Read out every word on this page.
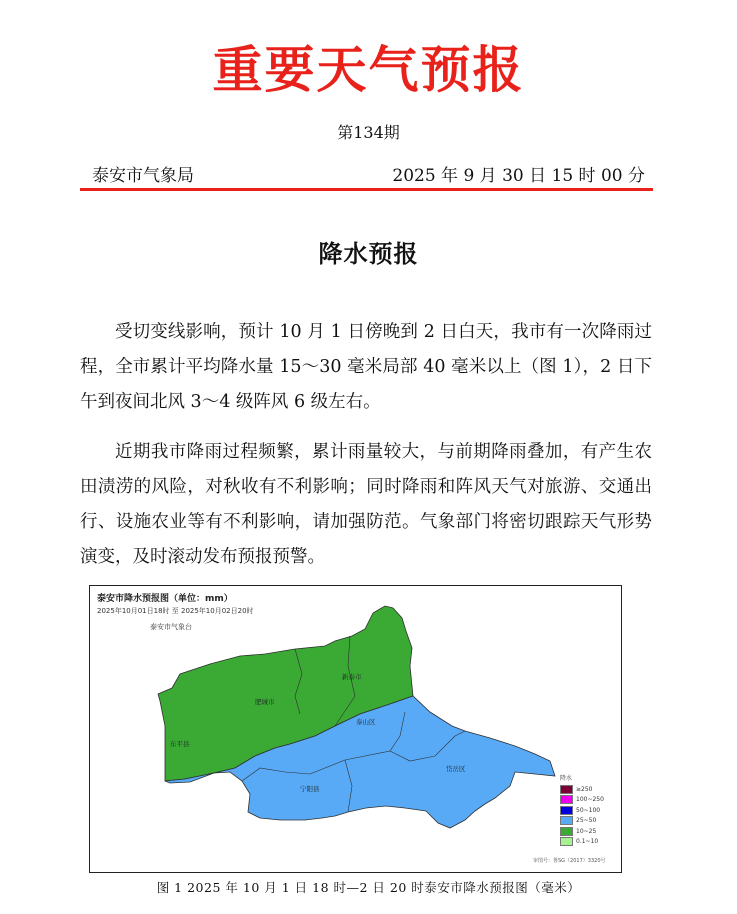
重要天气预报
第134期
泰安市气象局	2025 年 9 月 30 日 15 时 00 分
降水预报

受切变线影响，预计 10 月 1 日傍晚到 2 日白天，我市有一次降雨过程，全市累计平均降水量 15～30 毫米局部 40 毫米以上（图 1），2 日下午到夜间北风 3～4 级阵风 6 级左右。

近期我市降雨过程频繁，累计雨量较大，与前期降雨叠加，有产生农田渍涝的风险，对秋收有不利影响；同时降雨和阵风天气对旅游、交通出行、设施农业等有不利影响，请加强防范。气象部门将密切跟踪天气形势演变，及时滚动发布预报预警。

新泰市
泰山区
岱岳区
肥城市
东平县
宁阳县
泰安市降水预报图（单位：mm）
2025年10月01日18时 至 2025年10月02日20时
泰安市气象台
降水
≥250
100~250
50~100
25~50
10~25
0.1~10
审图号：鲁SG（2017）3320号
图 1 2025 年 10 月 1 日 18 时—2 日 20 时泰安市降水预报图（毫米）
